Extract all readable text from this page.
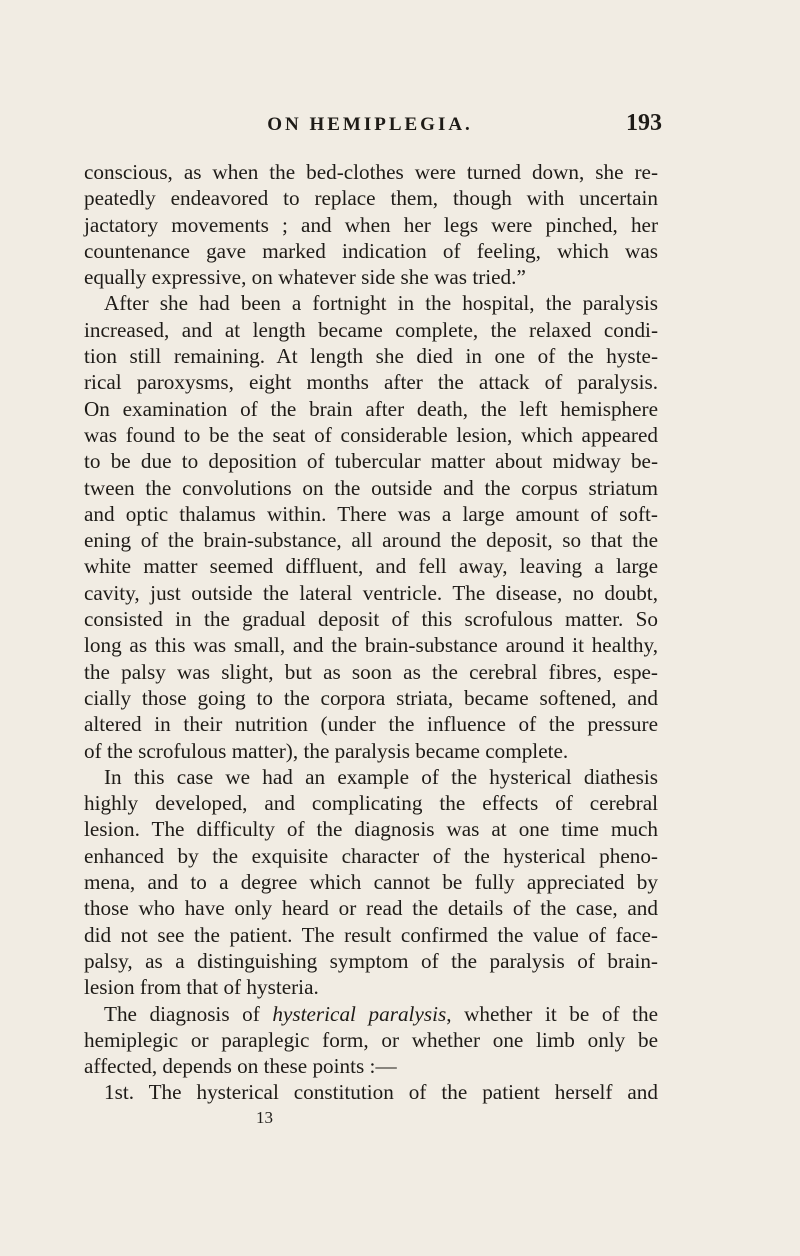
ON HEMIPLEGIA.	193

conscious, as when the bed-clothes were turned down, she re-

peatedly endeavored to replace them, though with uncertain

jactatory movements ; and when her legs were pinched, her

countenance gave marked indication of feeling, which was

equally expressive, on whatever side she was tried.”

After she had been a fortnight in the hospital, the paralysis

increased, and at length became complete, the relaxed condi-

tion still remaining. At length she died in one of the hyste-

rical paroxysms, eight months after the attack of paralysis.

On examination of the brain after death, the left hemisphere

was found to be the seat of considerable lesion, which appeared

to be due to deposition of tubercular matter about midway be-

tween the convolutions on the outside and the corpus striatum

and optic thalamus within. There was a large amount of soft-

ening of the brain-substance, all around the deposit, so that the

white matter seemed diffluent, and fell away, leaving a large

cavity, just outside the lateral ventricle. The disease, no doubt,

consisted in the gradual deposit of this scrofulous matter. So

long as this was small, and the brain-substance around it healthy,

the palsy was slight, but as soon as the cerebral fibres, espe-

cially those going to the corpora striata, became softened, and

altered in their nutrition (under the influence of the pressure

of the scrofulous matter), the paralysis became complete.

In this case we had an example of the hysterical diathesis

highly developed, and complicating the effects of cerebral

lesion. The difficulty of the diagnosis was at one time much

enhanced by the exquisite character of the hysterical pheno-

mena, and to a degree which cannot be fully appreciated by

those who have only heard or read the details of the case, and

did not see the patient. The result confirmed the value of face-

palsy, as a distinguishing symptom of the paralysis of brain-

lesion from that of hysteria.

The diagnosis of hysterical paralysis, whether it be of the

hemiplegic or paraplegic form, or whether one limb only be

affected, depends on these points :—

1st. The hysterical constitution of the patient herself and

13
